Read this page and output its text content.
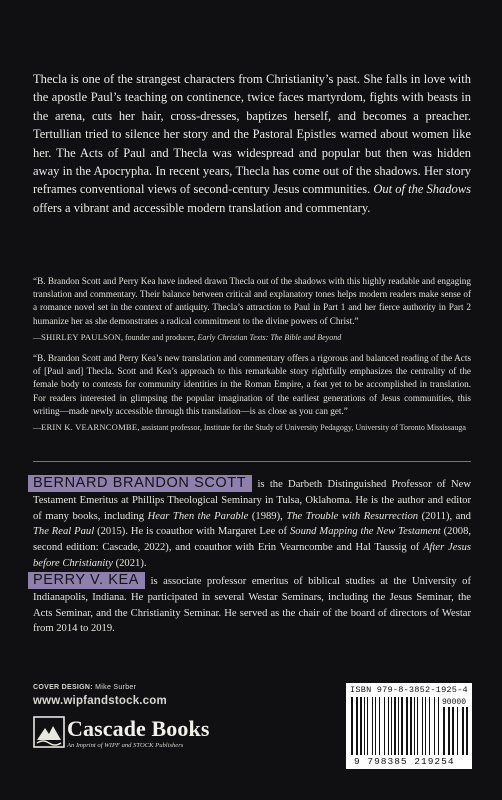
Thecla is one of the strangest characters from Christianity’s past. She falls in love with the apostle Paul’s teaching on continence, twice faces martyrdom, fights with beasts in the arena, cuts her hair, cross-dresses, baptizes herself, and becomes a preacher. Tertullian tried to silence her story and the Pastoral Epistles warned about women like her. The Acts of Paul and Thecla was widespread and popular but then was hidden away in the Apocrypha. In recent years, Thecla has come out of the shadows. Her story reframes conventional views of second-century Jesus communities. Out of the Shadows offers a vibrant and accessible modern translation and commentary.
“B. Brandon Scott and Perry Kea have indeed drawn Thecla out of the shadows with this highly readable and engaging translation and commentary. Their balance between critical and explanatory tones helps modern readers make sense of a romance novel set in the context of antiquity. Thecla’s attraction to Paul in Part 1 and her fierce authority in Part 2 humanize her as she demonstrates a radical commitment to the divine powers of Christ.”
—SHIRLEY PAULSON, founder and producer, Early Christian Texts: The Bible and Beyond
“B. Brandon Scott and Perry Kea’s new translation and commentary offers a rigorous and balanced reading of the Acts of [Paul and] Thecla. Scott and Kea’s approach to this remarkable story rightfully emphasizes the centrality of the female body to contests for community identities in the Roman Empire, a feat yet to be accomplished in translation. For readers interested in glimpsing the popular imagination of the earliest generations of Jesus communities, this writing—made newly accessible through this translation—is as close as you can get.”
—ERIN K. VEARNCOMBE, assistant professor, Institute for the Study of University Pedagogy, University of Toronto Mississauga
BERNARD BRANDON SCOTT is the Darbeth Distinguished Professor of New Testament Emeritus at Phillips Theological Seminary in Tulsa, Oklahoma. He is the author and editor of many books, including Hear Then the Parable (1989), The Trouble with Resurrection (2011), and The Real Paul (2015). He is coauthor with Margaret Lee of Sound Mapping the New Testament (2008, second edition: Cascade, 2022), and coauthor with Erin Vearncombe and Hal Taussig of After Jesus before Christianity (2021).
PERRY V. KEA is associate professor emeritus of biblical studies at the University of Indianapolis, Indiana. He participated in several Westar Seminars, including the Jesus Seminar, the Acts Seminar, and the Christianity Seminar. He served as the chair of the board of directors of Westar from 2014 to 2019.
COVER DESIGN: Mike Surber
www.wipfandstock.com
Cascade Books
An Imprint of WIPF and STOCK Publishers
ISBN 979-8-3852-1925-4
90000
9 798385 219254
